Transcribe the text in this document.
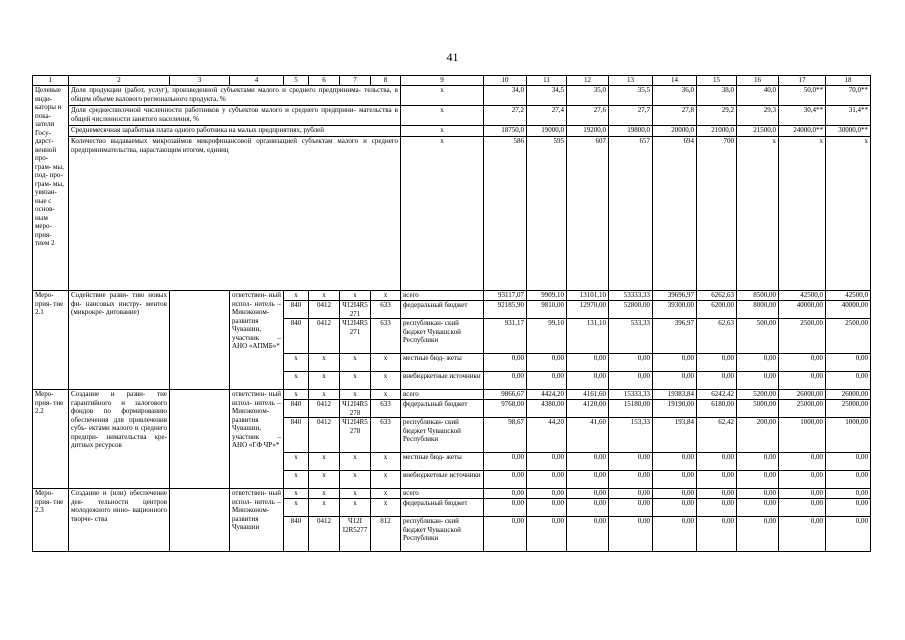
41
1	2	3	4	5	6	7	8	9	10	11	12	13	14	15	16	17	18
Целевые инди- каторы и пока- затели Госу- дарст- венной про- грам- мы, под- про- грам- мы, увязан- ные с основ- ным меро- прия- тием 2	Доля продукции (работ, услуг), произведенной субъектами малого и среднего предпринима- тельства, в общем объеме валового регионального продукта, %							х	34,0	34,5	35,0	35,5	36,0	38,0	40,0	50,0**	70,0**
	Доля среднесписочной численности работников у субъектов малого и среднего предприни- мательства в общей численности занятого населения, %							х	27,2	27,4	27,6	27,7	27,8	29,2	29,3	30,4**	31,4**
	Среднемесячная заработная плата одного работника на малых предприятиях, рублей							х	18750,0	19000,0	19200,0	19800,0	20000,0	21000,0	21500,0	24000,0**	30000,0**
	Количество выдаваемых микрозаймов микрофинансовой организацией субъектам малого и среднего предпринимательства, нарастающим итогом, единиц							х	586	595	607	657	694	700	х	х	х
Меро- прия- тие 2.1	Содействие разви- тию новых фи- нансовых инстру- ментов (микрокре- дитование)		ответствен- ный испол- нитель – Минэконом- развития Чувашии, участник – АНО «АПМБ»*	х	х	х	х	всего	93117,07	9909,10	13101,10	53333,33	39696,97	6262,63	8500,00	42500,0	42500,0
				840	0412	Ч12I4R5 271	633	федеральный бюджет	92185,90	9810,00	12970,00	52800,00	39300,00	6200,00	8000,00	40000,00	40000,00
				840	0412	Ч12I4R5 271	633	республикан- ский бюджет Чувашской Республики	931,17	99,10	131,10	533,33	396,97	62,63	500,00	2500,00	2500,00
				х	х	х	х	местные бюд- жеты	0,00	0,00	0,00	0,00	0,00	0,00	0,00	0,00	0,00
				х	х	х	х	внебюджетные источники	0,00	0,00	0,00	0,00	0,00	0,00	0,00	0,00	0,00
Меро- прия- тие 2.2	Создание и разви- тие гарантийного и залогового фондов по формированию обеспечения для привлечения субъ- ектами малого и среднего предпри- нимательства кре- дитных ресурсов		ответствен- ный испол- нитель – Минэконом- развития Чувашии, участник – АНО «ГФ ЧР»*	х	х	х	х	всего	9866,67	4424,20	4161,60	15333,33	19383,84	6242,42	5200,00	26000,00	26000,00
				840	0412	Ч12I4R5 278	633	федеральный бюджет	9768,00	4380,00	4120,00	15180,00	19190,00	6180,00	5000,00	25000,00	25000,00
				840	0412	Ч12I4R5 278	633	республикан- ский бюджет Чувашской Республики	98,67	44,20	41,60	153,33	193,84	62,42	200,00	1000,00	1000,00
				х	х	х	х	местные бюд- жеты	0,00	0,00	0,00	0,00	0,00	0,00	0,00	0,00	0,00
				х	х	х	х	внебюджетные источники	0,00	0,00	0,00	0,00	0,00	0,00	0,00	0,00	0,00
Меро- прия- тие 2.3	Создание и (или) обеспечение дея- тельности центров молодежного инно- вационного творче- ства		ответствен- ный испол- нитель – Минэконом- развития Чувашии	х	х	х	х	всего	0,00	0,00	0,00	0,00	0,00	0,00	0,00	0,00	0,00
				х	х	х	х	федеральный бюджет	0,00	0,00	0,00	0,00	0,00	0,00	0,00	0,00	0,00
				840	0412	Ч12I I2R5277	812	республикан- ский бюджет Чувашской Республики	0,00	0,00	0,00	0,00	0,00	0,00	0,00	0,00	0,00
